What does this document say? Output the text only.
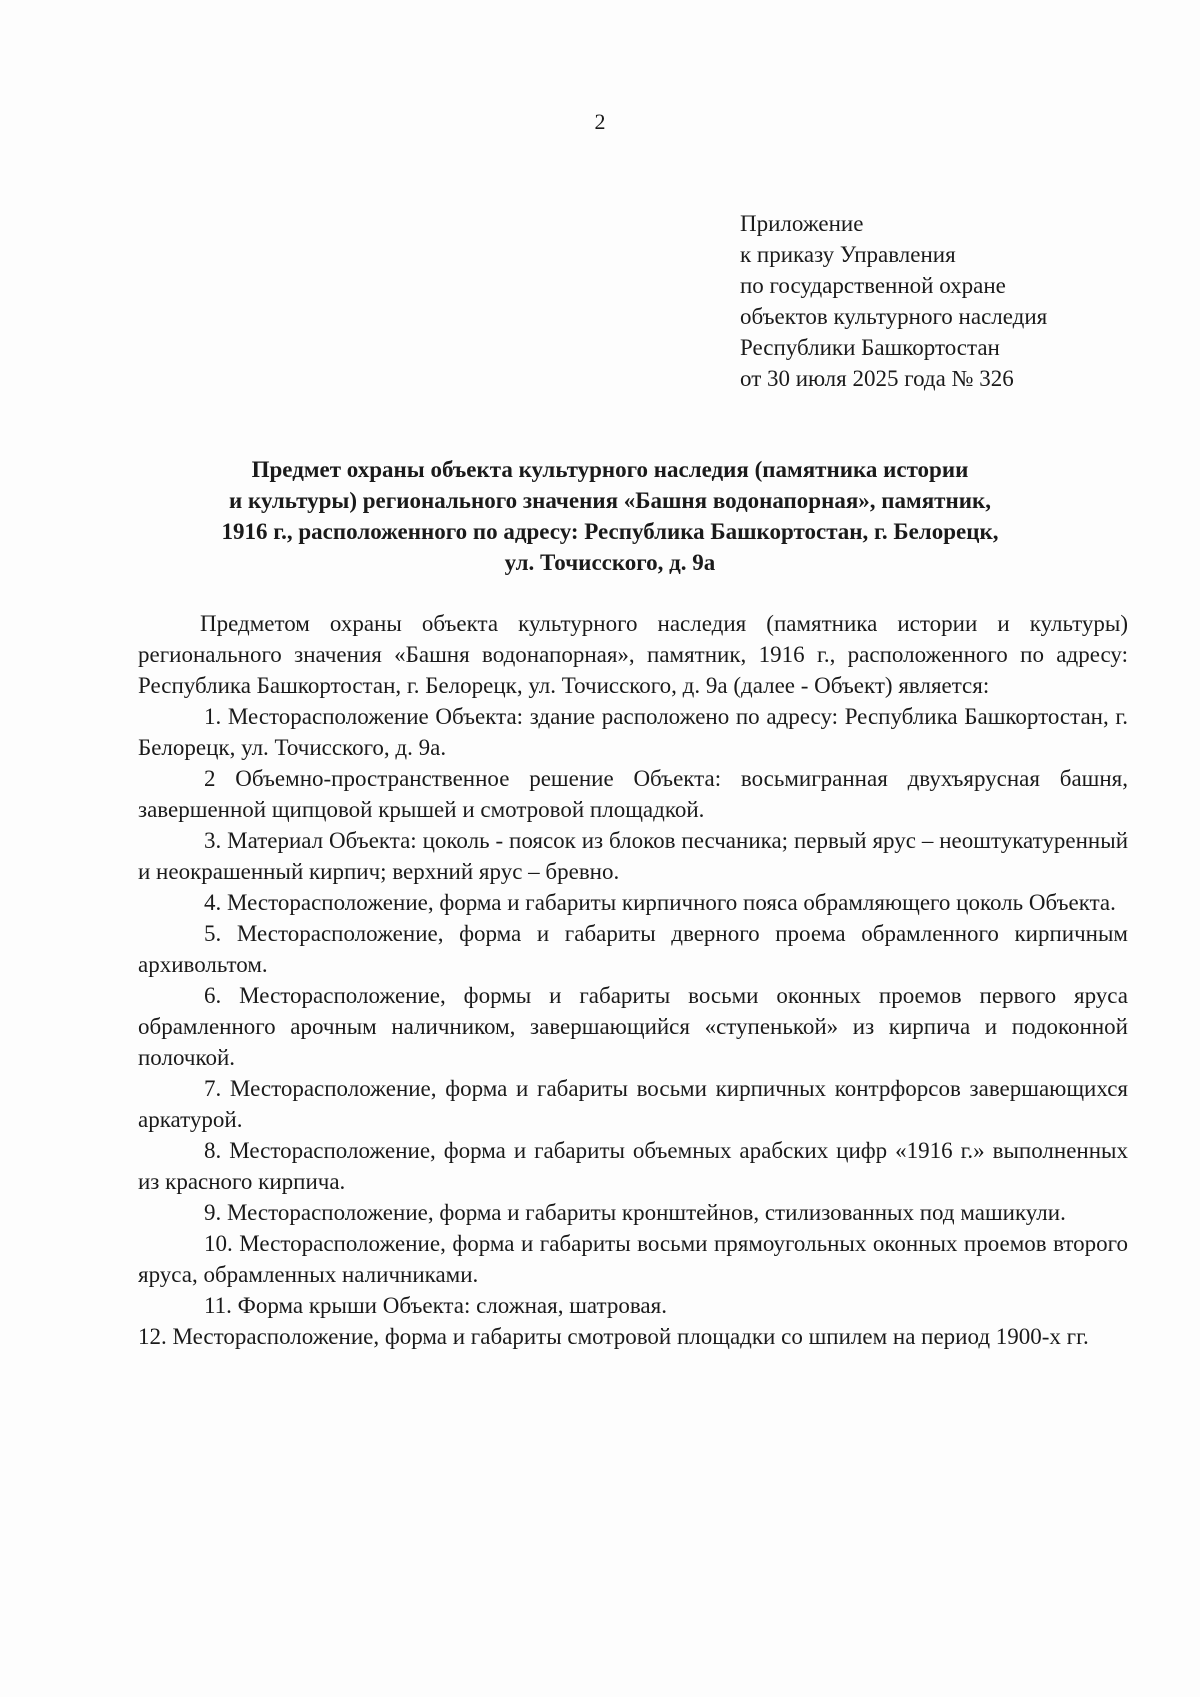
2
Приложение
к приказу Управления
по государственной охране
объектов культурного наследия
Республики Башкортостан
от 30 июля 2025 года № 326
Предмет охраны объекта культурного наследия (памятника истории
и культуры) регионального значения «Башня водонапорная», памятник,
1916 г., расположенного по адресу: Республика Башкортостан, г. Белорецк,
ул. Точисского, д. 9а

Предметом охраны объекта культурного наследия (памятника истории и культуры) регионального значения «Башня водонапорная», памятник, 1916 г., расположенного по адресу: Республика Башкортостан, г. Белорецк, ул. Точисского, д. 9а (далее - Объект) является:

1. Месторасположение Объекта: здание расположено по адресу: Республика Башкортостан, г. Белорецк, ул. Точисского, д. 9а.

2 Объемно-пространственное решение Объекта: восьмигранная двухъярусная башня, завершенной щипцовой крышей и смотровой площадкой.

3. Материал Объекта: цоколь - поясок из блоков песчаника; первый ярус – неоштукатуренный и неокрашенный кирпич; верхний ярус – бревно.

4. Месторасположение, форма и габариты кирпичного пояса обрамляющего цоколь Объекта.

5. Месторасположение, форма и габариты дверного проема обрамленного кирпичным архивольтом.

6. Месторасположение, формы и габариты восьми оконных проемов первого яруса обрамленного арочным наличником, завершающийся «ступенькой» из кирпича и подоконной полочкой.

7. Месторасположение, форма и габариты восьми кирпичных контрфорсов завершающихся аркатурой.

8. Месторасположение, форма и габариты объемных арабских цифр «1916 г.» выполненных из красного кирпича.

9. Месторасположение, форма и габариты кронштейнов, стилизованных под машикули.

10. Месторасположение, форма и габариты восьми прямоугольных оконных проемов второго яруса, обрамленных наличниками.

11. Форма крыши Объекта: сложная, шатровая.

12. Месторасположение, форма и габариты смотровой площадки со шпилем на период 1900-х гг.
